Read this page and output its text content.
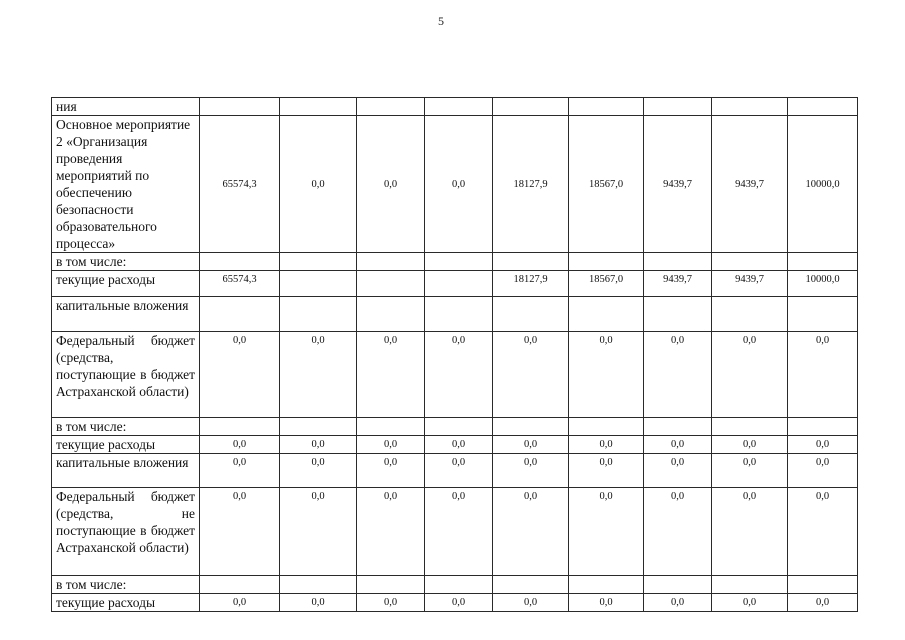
5
ния									
Основное мероприятие 2 «Организация проведения мероприятий по обеспечению безопасности образовательного процесса»	65574,3	0,0	0,0	0,0	18127,9	18567,0	9439,7	9439,7	10000,0
в том числе:									
текущие расходы	65574,3				18127,9	18567,0	9439,7	9439,7	10000,0
капитальные вложения									
Федеральный бюджет (средства, поступающие в бюджет Астраханской области)	0,0	0,0	0,0	0,0	0,0	0,0	0,0	0,0	0,0
в том числе:									
текущие расходы	0,0	0,0	0,0	0,0	0,0	0,0	0,0	0,0	0,0
капитальные вложения	0,0	0,0	0,0	0,0	0,0	0,0	0,0	0,0	0,0
Федеральный бюджет (средства, не поступающие в бюджет Астраханской области)	0,0	0,0	0,0	0,0	0,0	0,0	0,0	0,0	0,0
в том числе:									
текущие расходы	0,0	0,0	0,0	0,0	0,0	0,0	0,0	0,0	0,0
